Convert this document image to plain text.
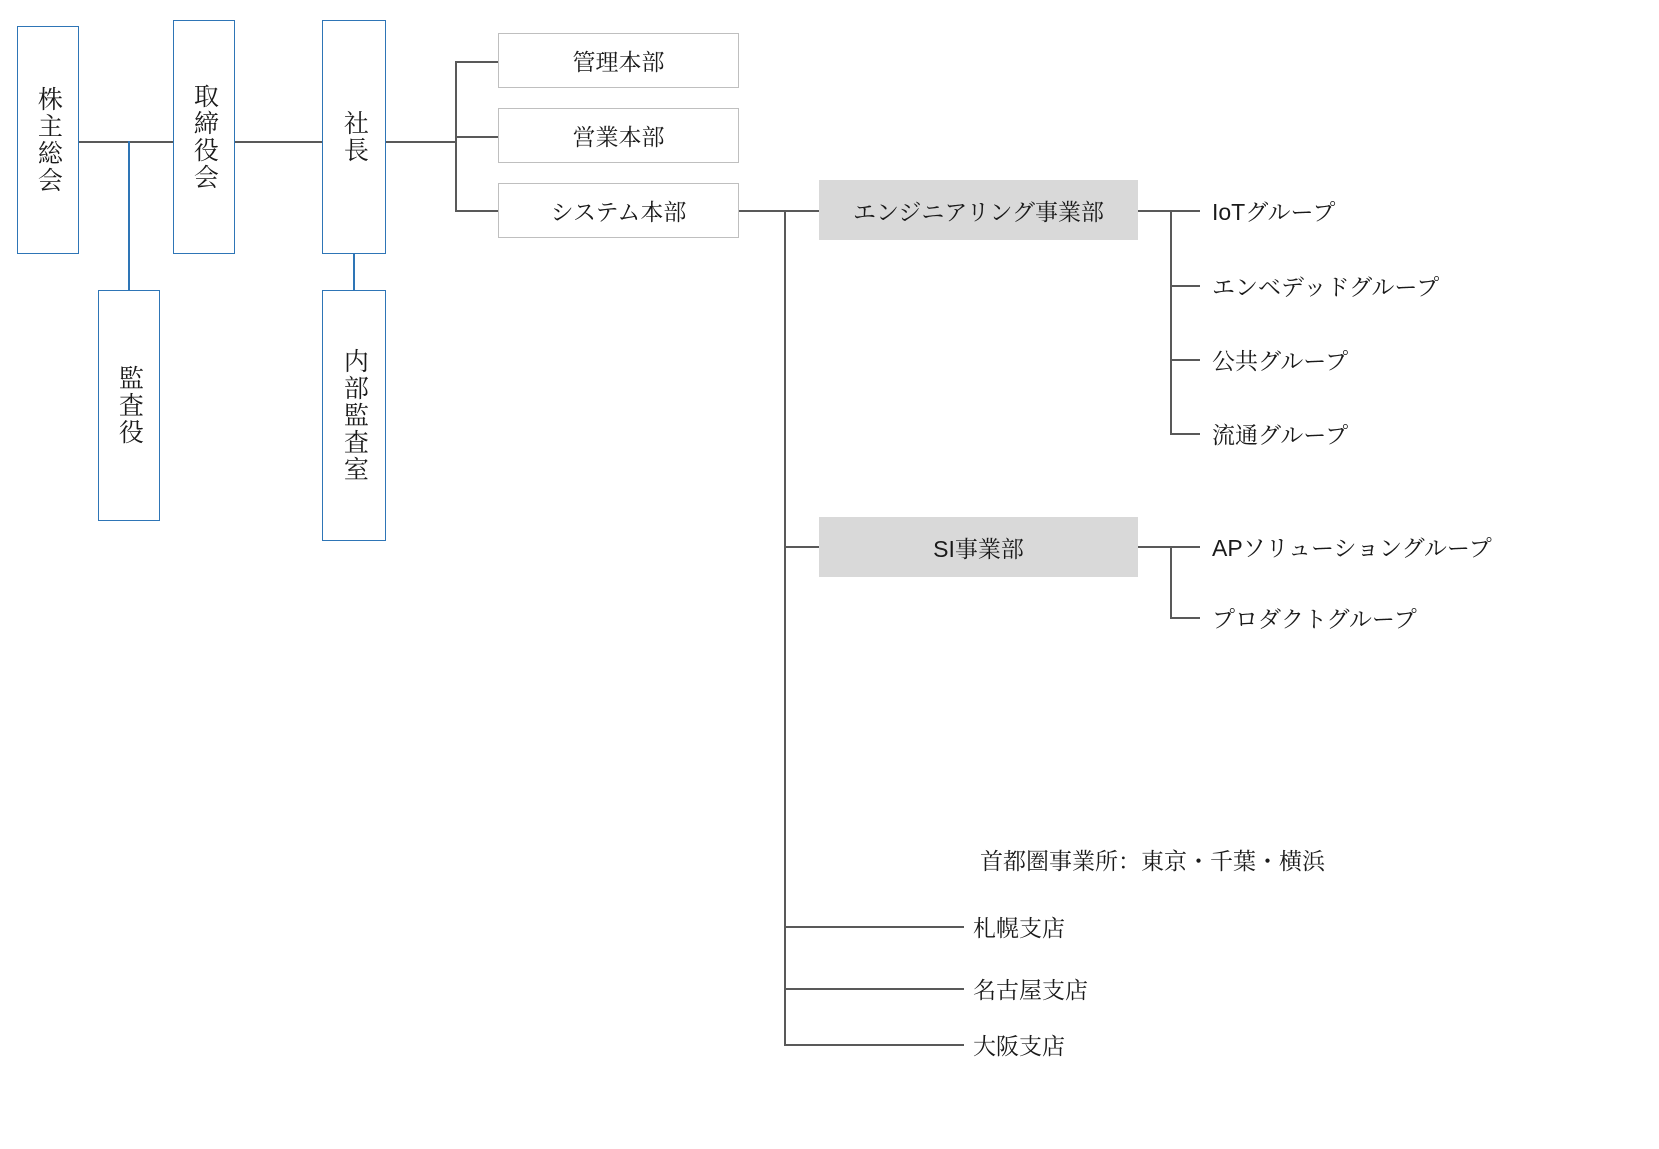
株主総会	取締役会	社長
監査役	内部監査室
管理本部
営業本部
システム本部	エンジニアリング事業部
SI事業部
IoTグループ
エンベデッドグループ
公共グループ
流通グループ
APソリューショングループ
プロダクトグループ
首都圏事業所：東京・千葉・横浜
札幌支店
名古屋支店
大阪支店
